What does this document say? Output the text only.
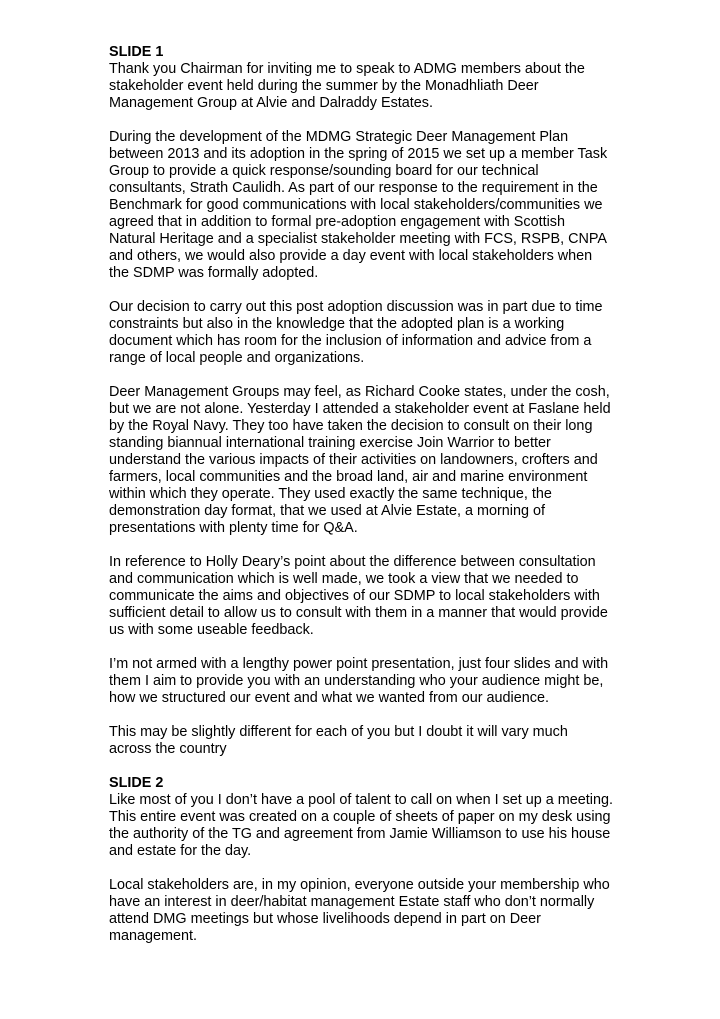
SLIDE 1

Thank you Chairman for inviting me to speak to ADMG members about the stakeholder event held during the summer by the Monadhliath Deer Management Group at Alvie and Dalraddy Estates.

During the development of the MDMG Strategic Deer Management Plan between 2013 and its adoption in the spring of 2015 we set up a member Task Group to provide a quick response/sounding board for our technical consultants, Strath Caulidh. As part of our response to the requirement in the Benchmark for good communications with local stakeholders/communities we agreed that in addition to formal pre-adoption engagement with Scottish Natural Heritage and a specialist stakeholder meeting with FCS, RSPB, CNPA and others, we would also provide a day event with local stakeholders when the SDMP was formally adopted.

Our decision to carry out this post adoption discussion was in part due to time constraints but also in the knowledge that the adopted plan is a working document which has room for the inclusion of information and advice from a range of local people and organizations.

Deer Management Groups may feel, as Richard Cooke states, under the cosh, but we are not alone. Yesterday I attended a stakeholder event at Faslane held by the Royal Navy. They too have taken the decision to consult on their long standing biannual international training exercise Join Warrior to better understand the various impacts of their activities on landowners, crofters and farmers, local communities and the broad land, air and marine environment within which they operate. They used exactly the same technique, the demonstration day format, that we used at Alvie Estate, a morning of presentations with plenty time for Q&A.

In reference to Holly Deary’s point about the difference between consultation and communication which is well made, we took a view that we needed to communicate the aims and objectives of our SDMP to local stakeholders with sufficient detail to allow us to consult with them in a manner that would provide us with some useable feedback.

I’m not armed with a lengthy power point presentation, just four slides and with them I aim to provide you with an understanding who your audience might be, how we structured our event and what we wanted from our audience.

This may be slightly different for each of you but I doubt it will vary much across the country

SLIDE 2

Like most of you I don’t have a pool of talent to call on when I set up a meeting. This entire event was created on a couple of sheets of paper on my desk using the authority of the TG and agreement from Jamie Williamson to use his house and estate for the day.

Local stakeholders are, in my opinion, everyone outside your membership who have an interest in deer/habitat management Estate staff who don’t normally attend DMG meetings but whose livelihoods depend in part on Deer management.
